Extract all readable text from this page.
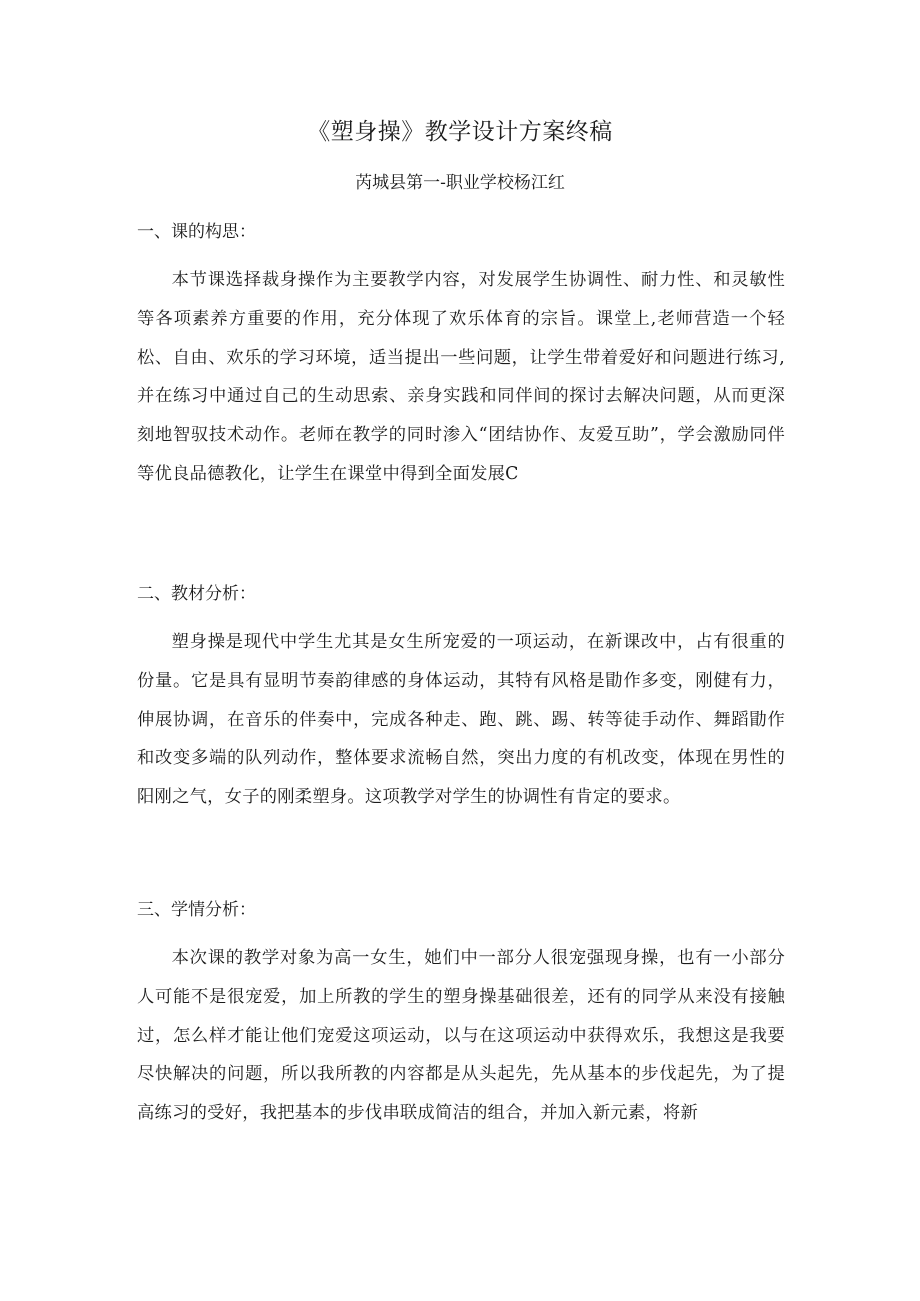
《塑身操》教学设计方案终稿
芮城县第一-职业学校杨江红
一、课的构思：

本节课选择裁身操作为主要教学内容，对发展学生协调性、耐力性、和灵敏性等各项素养方重要的作用，充分体现了欢乐体育的宗旨。课堂上,老师营造一个轻松、自由、欢乐的学习环境，适当提出一些问题，让学生带着爱好和问题进行练习,并在练习中通过自己的生动思索、亲身实践和同伴间的探讨去解决问题，从而更深刻地智驭技术动作。老师在教学的同时渗入“团结协作、友爱互助”，学会激励同伴等优良品德教化，让学生在课堂中得到全面发展C

二、教材分析：

塑身操是现代中学生尤其是女生所宠爱的一项运动，在新课改中，占有很重的份量。它是具有显明节奏韵律感的身体运动，其特有风格是勖作多变，刚健有力，伸展协调，在音乐的伴奏中，完成各种走、跑、跳、踢、转等徒手动作、舞蹈勖作和改变多端的队列动作，整体要求流畅自然，突出力度的有机改变，体现在男性的阳刚之气，女子的刚柔塑身。这项教学对学生的协调性有肯定的要求。

三、学情分析：

本次课的教学对象为高一女生，她们中一部分人很宠强现身操，也有一小部分人可能不是很宠爱，加上所教的学生的塑身操基础很差，还有的同学从来没有接触过，怎么样才能让他们宠爱这项运动，以与在这项运动中获得欢乐，我想这是我要尽快解决的问题，所以我所教的内容都是从头起先，先从基本的步伐起先，为了提高练习的受好，我把基本的步伐串联成简洁的组合，并加入新元素，将新
